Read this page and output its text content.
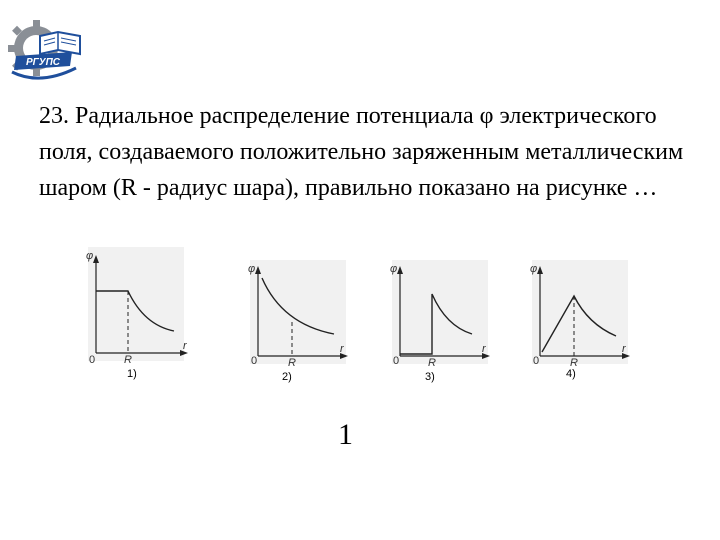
РГУПС

23. Радиальное распределение потенциала φ электрического поля, создаваемого положительно заряженным металлическим шаром (R - радиус шара), правильно показано на рисунке …

φ
0
r
R
φ
0
r
R
φ
0
r
R
φ
0
r
R
1)	2)	3)	4)
1
